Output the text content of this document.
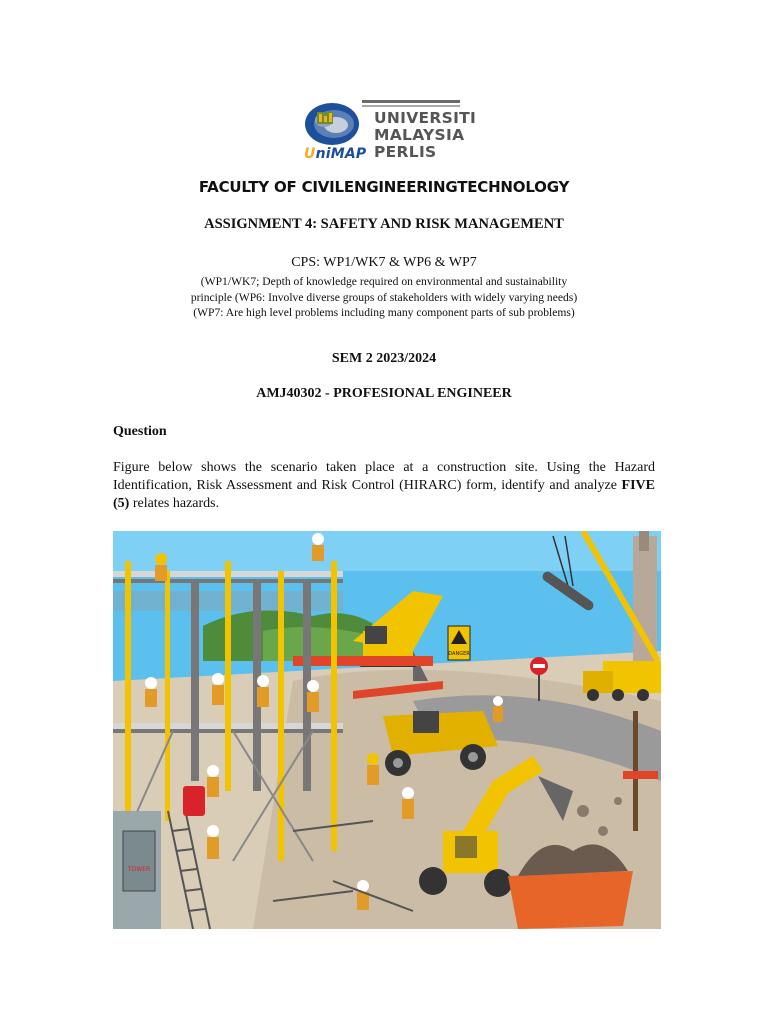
UniMAP
UNIVERSITI
MALAYSIA
PERLIS
FACULTY OF CIVILENGINEERINGTECHNOLOGY
ASSIGNMENT 4: SAFETY AND RISK MANAGEMENT
CPS: WP1/WK7 & WP6 & WP7
(WP1/WK7; Depth of knowledge required on environmental and sustainability
principle (WP6: Involve diverse groups of stakeholders with widely varying needs)
(WP7: Are high level problems including many component parts of sub problems)
SEM 2 2023/2024
AMJ40302 - PROFESIONAL ENGINEER
Question
Figure below shows the scenario taken place at a construction site. Using the Hazard Identification, Risk Assessment and Risk Control (HIRARC) form, identify and analyze FIVE (5) relates hazards.
DANGER
TOWER
